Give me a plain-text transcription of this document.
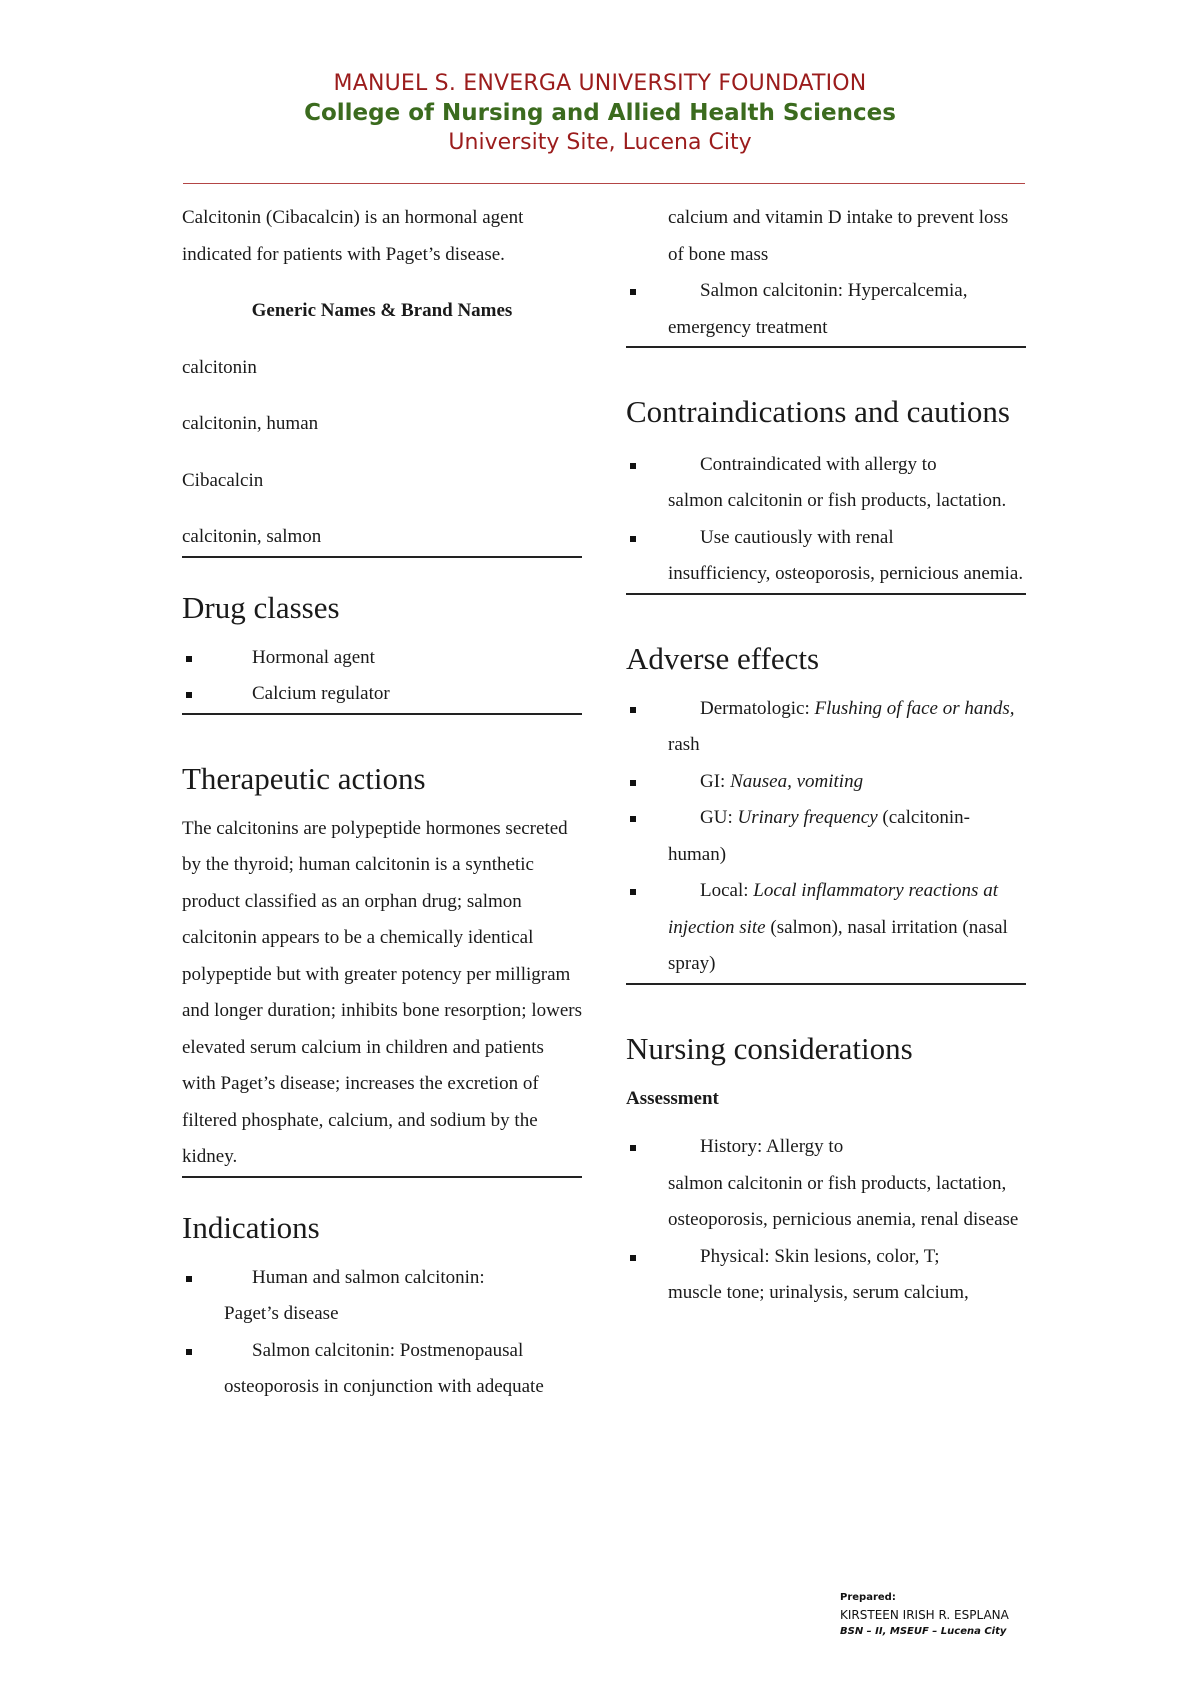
MANUEL S. ENVERGA UNIVERSITY FOUNDATION
College of Nursing and Allied Health Sciences
University Site, Lucena City

Calcitonin (Cibacalcin) is an hormonal agent indicated for patients with Paget’s disease.

Generic Names & Brand Names

calcitonin

calcitonin, human

Cibacalcin

calcitonin, salmon

Drug classes
Hormonal agent
Calcium regulator
Therapeutic actions

The calcitonins are polypeptide hormones secreted by the thyroid; human calcitonin is a synthetic product classified as an orphan drug; salmon calcitonin appears to be a chemically identical polypeptide but with greater potency per milligram and longer duration; inhibits bone resorption; lowers elevated serum calcium in children and patients

with Paget’s disease; increases the excretion of filtered phosphate, calcium, and sodium by the kidney.

Indications
Human and salmon calcitonin:
Paget’s disease
Salmon calcitonin: Postmenopausal
osteoporosis in conjunction with adequate

calcium and vitamin D intake to prevent loss of bone mass

Salmon calcitonin: Hypercalcemia,
emergency treatment
Contraindications and cautions
Contraindicated with allergy to
salmon calcitonin or fish products, lactation.
Use cautiously with renal
insufficiency, osteoporosis, pernicious anemia.
Adverse effects
Dermatologic: Flushing of face or hands, rash
GI: Nausea, vomiting
GU: Urinary frequency (calcitonin-human)
Local: Local inflammatory reactions at injection site (salmon), nasal irritation (nasal spray)
Nursing considerations
Assessment
History: Allergy to
salmon calcitonin or fish products, lactation, osteoporosis, pernicious anemia, renal disease
Physical: Skin lesions, color, T;
muscle tone; urinalysis, serum calcium,
Prepared:
KIRSTEEN IRISH R. ESPLANA
BSN – II, MSEUF – Lucena City
